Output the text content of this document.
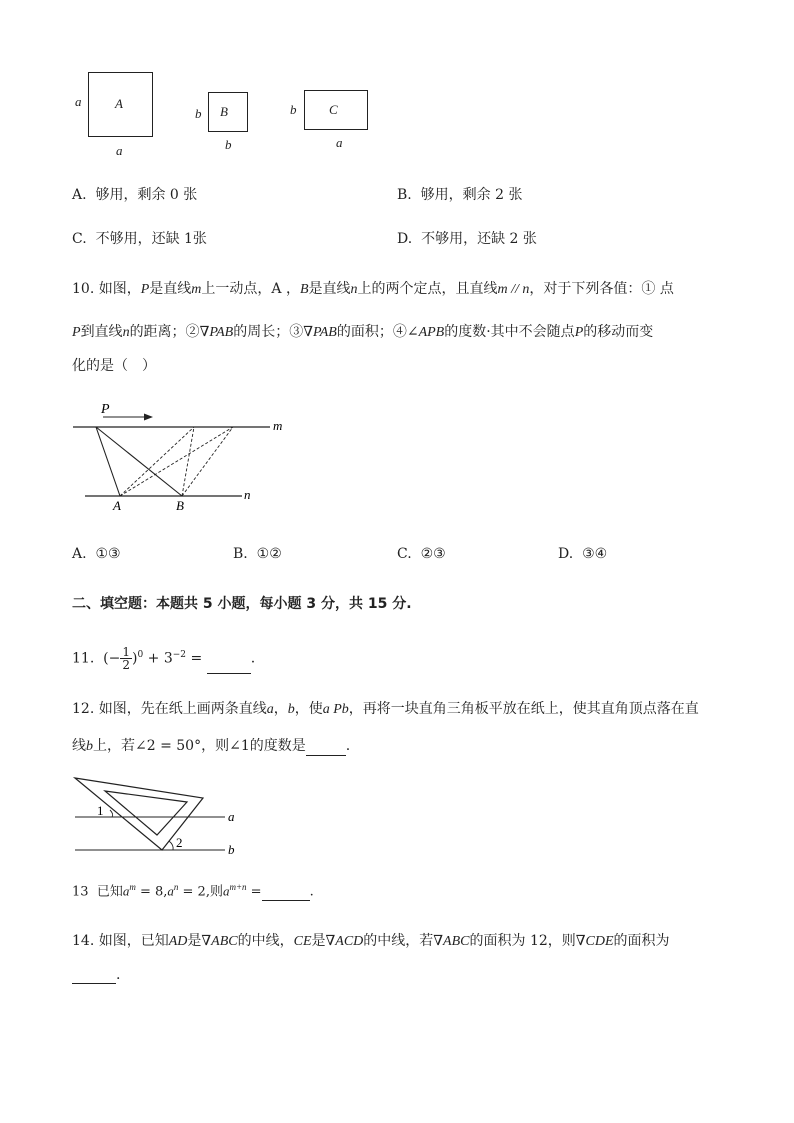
A
a
a
B
b
b
C
b
a
A. 够用，剩余 0 张	B. 够用，剩余 2 张
C. 不够用，还缺 1张	D. 不够用，还缺 2 张
10. 如图，P是直线m上一动点，A ，B是直线n上的两个定点，且直线m // n，对于下列各值：① 点
P到直线n的距离；②∇PAB的周长；③∇PAB的面积；④∠APB的度数·其中不会随点P的移动而变
化的是（　）
P
m
n
A	B
A. ①③	B. ①②	C. ②③	D. ③④
二、填空题：本题共 5 小题，每小题 3 分，共 15 分.
11. (− $\frac{1}{2} )^0 + 3^{-2}$ =	.
12. 如图，先在纸上画两条直线a，b，使a Pb，再将一块直角三角板平放在纸上，使其直角顶点落在直
线b上，若∠2 = 50°，则∠1的度数是	.
1
2
a
b
13 已知$a^m = 8,a^n = 2$,则$a^{m+n}$ =	.
14. 如图，已知AD是∇ABC的中线，CE是∇ACD的中线，若∇ABC的面积为 12，则∇CDE的面积为
.
